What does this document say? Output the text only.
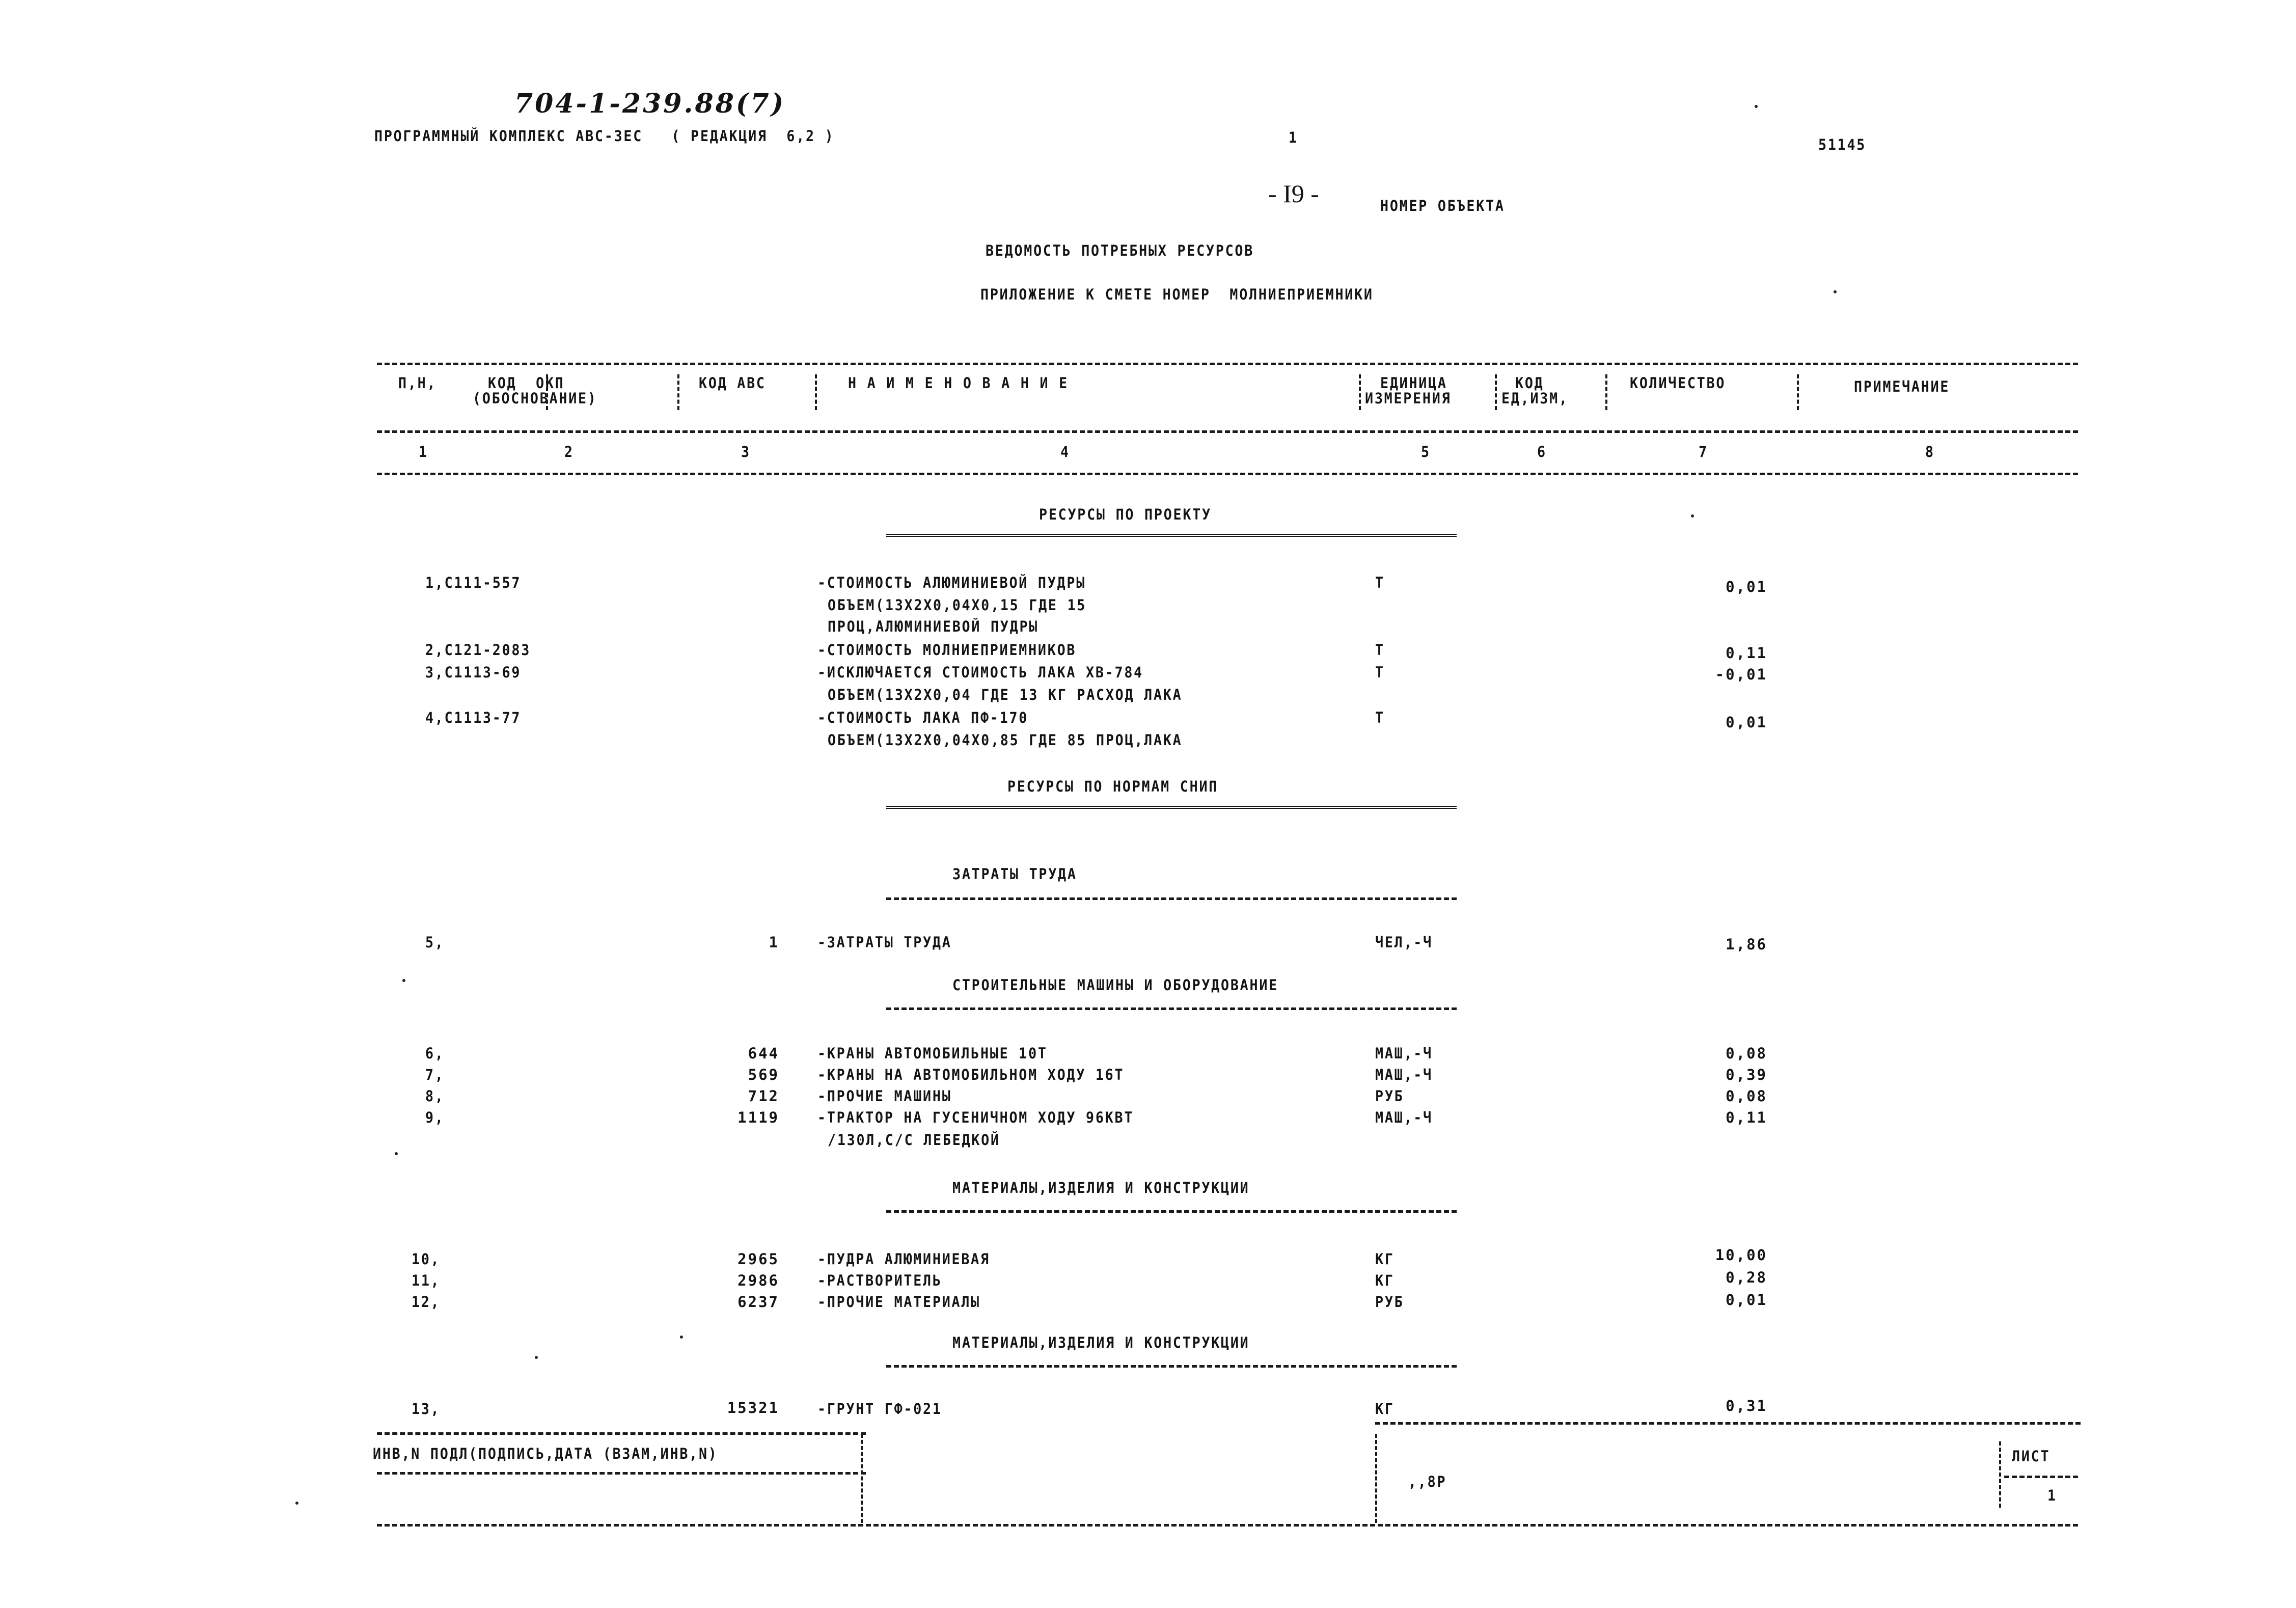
704-1-239.88(7)
ПРОГРАММНЫЙ КОМПЛЕКС АВС-3ЕС   ( РЕДАКЦИЯ  6,2 )	1	51145
- I9 -	НОМЕР ОБЪЕКТА
ВЕДОМОСТЬ ПОТРЕБНЫХ РЕСУРСОВ
ПРИЛОЖЕНИЕ К СМЕТЕ НОМЕР  МОЛНИЕПРИЕМНИКИ
П,Н,	КОД  ОКП
(ОБОСНОВАНИЕ)
КОД АВС	Н А И М Е Н О В А Н И Е	ЕДИНИЦА
ИЗМЕРЕНИЯ
КОД
ЕД,ИЗМ,
КОЛИЧЕСТВО	ПРИМЕЧАНИЕ
1	2	3	4	5	6	7	8
РЕСУРСЫ ПО ПРОЕКТУ
1,С111-557	-СТОИМОСТЬ АЛЮМИНИЕВОЙ ПУДРЫ
ОБЪЕМ(13Х2Х0,04Х0,15 ГДЕ 15
ПРОЦ,АЛЮМИНИЕВОЙ ПУДРЫ
Т	0,01
2,С121-2083	-СТОИМОСТЬ МОЛНИЕПРИЕМНИКОВ	Т	0,11
3,С1113-69	-ИСКЛЮЧАЕТСЯ СТОИМОСТЬ ЛАКА ХВ-784
ОБЪЕМ(13Х2Х0,04 ГДЕ 13 КГ РАСХОД ЛАКА
Т	-0,01
4,С1113-77	-СТОИМОСТЬ ЛАКА ПФ-170
ОБЪЕМ(13Х2Х0,04Х0,85 ГДЕ 85 ПРОЦ,ЛАКА
Т	0,01
РЕСУРСЫ ПО НОРМАМ СНИП
ЗАТРАТЫ ТРУДА
5,	1	-ЗАТРАТЫ ТРУДА	ЧЕЛ,-Ч	1,86
СТРОИТЕЛЬНЫЕ МАШИНЫ И ОБОРУДОВАНИЕ
6,	644	-КРАНЫ АВТОМОБИЛЬНЫЕ 10Т	МАШ,-Ч	0,08
7,	569	-КРАНЫ НА АВТОМОБИЛЬНОМ ХОДУ 16Т	МАШ,-Ч	0,39
8,	712	-ПРОЧИЕ МАШИНЫ	РУБ	0,08
9,	1119	-ТРАКТОР НА ГУСЕНИЧНОМ ХОДУ 96КВТ
/130Л,С/С ЛЕБЕДКОЙ
МАШ,-Ч	0,11
МАТЕРИАЛЫ,ИЗДЕЛИЯ И КОНСТРУКЦИИ
10,	2965	-ПУДРА АЛЮМИНИЕВАЯ	КГ	10,00
11,	2986	-РАСТВОРИТЕЛЬ	КГ	0,28
12,	6237	-ПРОЧИЕ МАТЕРИАЛЫ	РУБ	0,01
МАТЕРИАЛЫ,ИЗДЕЛИЯ И КОНСТРУКЦИИ
13,	15321	-ГРУНТ ГФ-021	КГ	0,31
ИНВ,N ПОДЛ(ПОДПИСЬ,ДАТА (ВЗАМ,ИНВ,N)
,,8Р
ЛИСТ
1
